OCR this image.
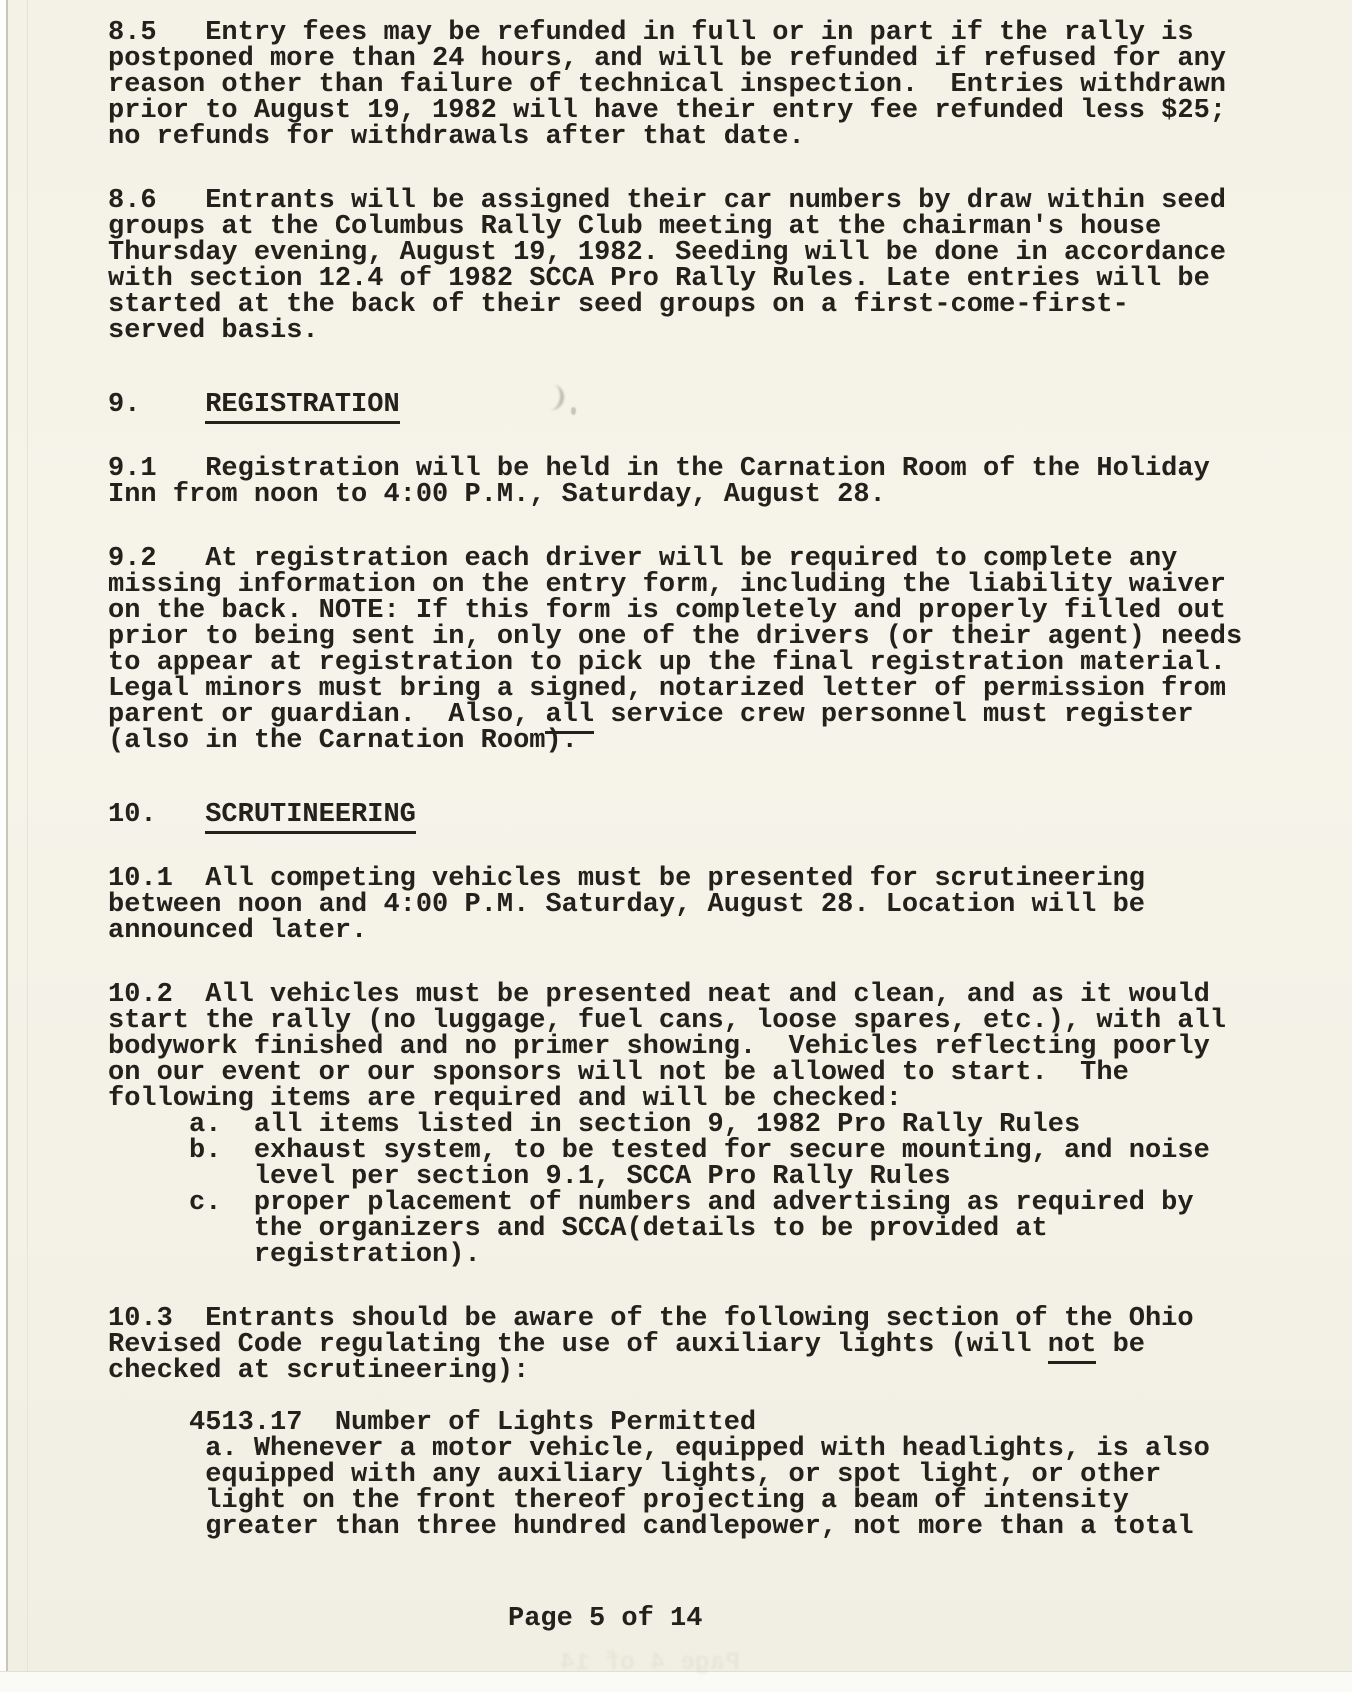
8.5   Entry fees may be refunded in full or in part if the rally is
postponed more than 24 hours, and will be refunded if refused for any
reason other than failure of technical inspection.  Entries withdrawn
prior to August 19, 1982 will have their entry fee refunded less $25;
no refunds for withdrawals after that date.
8.6   Entrants will be assigned their car numbers by draw within seed
groups at the Columbus Rally Club meeting at the chairman's house
Thursday evening, August 19, 1982. Seeding will be done in accordance
with section 12.4 of 1982 SCCA Pro Rally Rules. Late entries will be
started at the back of their seed groups on a first-come-first-
served basis.
9.    REGISTRATION
9.1   Registration will be held in the Carnation Room of the Holiday
Inn from noon to 4:00 P.M., Saturday, August 28.
9.2   At registration each driver will be required to complete any
missing information on the entry form, including the liability waiver
on the back. NOTE: If this form is completely and properly filled out
prior to being sent in, only one of the drivers (or their agent) needs
to appear at registration to pick up the final registration material.
Legal minors must bring a signed, notarized letter of permission from
parent or guardian.  Also, all service crew personnel must register
(also in the Carnation Room).
10.   SCRUTINEERING
10.1  All competing vehicles must be presented for scrutineering
between noon and 4:00 P.M. Saturday, August 28. Location will be
announced later.
10.2  All vehicles must be presented neat and clean, and as it would
start the rally (no luggage, fuel cans, loose spares, etc.), with all
bodywork finished and no primer showing.  Vehicles reflecting poorly
on our event or our sponsors will not be allowed to start.  The
following items are required and will be checked:
a.  all items listed in section 9, 1982 Pro Rally Rules
b.  exhaust system, to be tested for secure mounting, and noise
level per section 9.1, SCCA Pro Rally Rules
c.  proper placement of numbers and advertising as required by
the organizers and SCCA(details to be provided at
registration).
10.3  Entrants should be aware of the following section of the Ohio
Revised Code regulating the use of auxiliary lights (will not be
checked at scrutineering):
4513.17  Number of Lights Permitted
a. Whenever a motor vehicle, equipped with headlights, is also
equipped with any auxiliary lights, or spot light, or other
light on the front thereof projecting a beam of intensity
greater than three hundred candlepower, not more than a total
Page 4 of 14
Page 5 of 14
